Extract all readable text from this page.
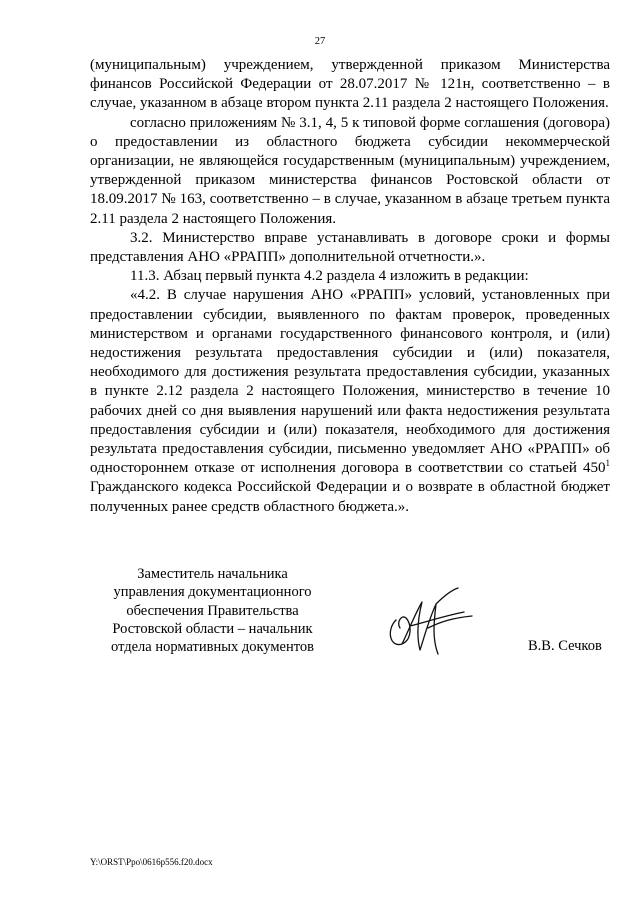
27

(муниципальным) учреждением, утвержденной приказом Министерства финансов Российской Федерации от 28.07.2017 № 121н, соответственно – в случае, указанном в абзаце втором пункта 2.11 раздела 2 настоящего Положения.

согласно приложениям № 3.1, 4, 5 к типовой форме соглашения (договора) о предоставлении из областного бюджета субсидии некоммерческой организации, не являющейся государственным (муниципальным) учреждением, утвержденной приказом министерства финансов Ростовской области от 18.09.2017 № 163, соответственно – в случае, указанном в абзаце третьем пункта 2.11 раздела 2 настоящего Положения.

3.2. Министерство вправе устанавливать в договоре сроки и формы представления АНО «РРАПП» дополнительной отчетности.».

11.3. Абзац первый пункта 4.2 раздела 4 изложить в редакции:

«4.2. В случае нарушения АНО «РРАПП» условий, установленных при предоставлении субсидии, выявленного по фактам проверок, проведенных министерством и органами государственного финансового контроля, и (или) недостижения результата предоставления субсидии и (или) показателя, необходимого для достижения результата предоставления субсидии, указанных в пункте 2.12 раздела 2 настоящего Положения, министерство в течение 10 рабочих дней со дня выявления нарушений или факта недостижения результата предоставления субсидии и (или) показателя, необходимого для достижения результата предоставления субсидии, письменно уведомляет АНО «РРАПП» об одностороннем отказе от исполнения договора в соответствии со статьей $450^1$ Гражданского кодекса Российской Федерации и о возврате в областной бюджет полученных ранее средств областного бюджета.».

Заместитель начальника
управления документационного
обеспечения Правительства
Ростовской области – начальник
отдела нормативных документов	В.В. Сечков
Y:\ORST\Ppo\0616p556.f20.docx
